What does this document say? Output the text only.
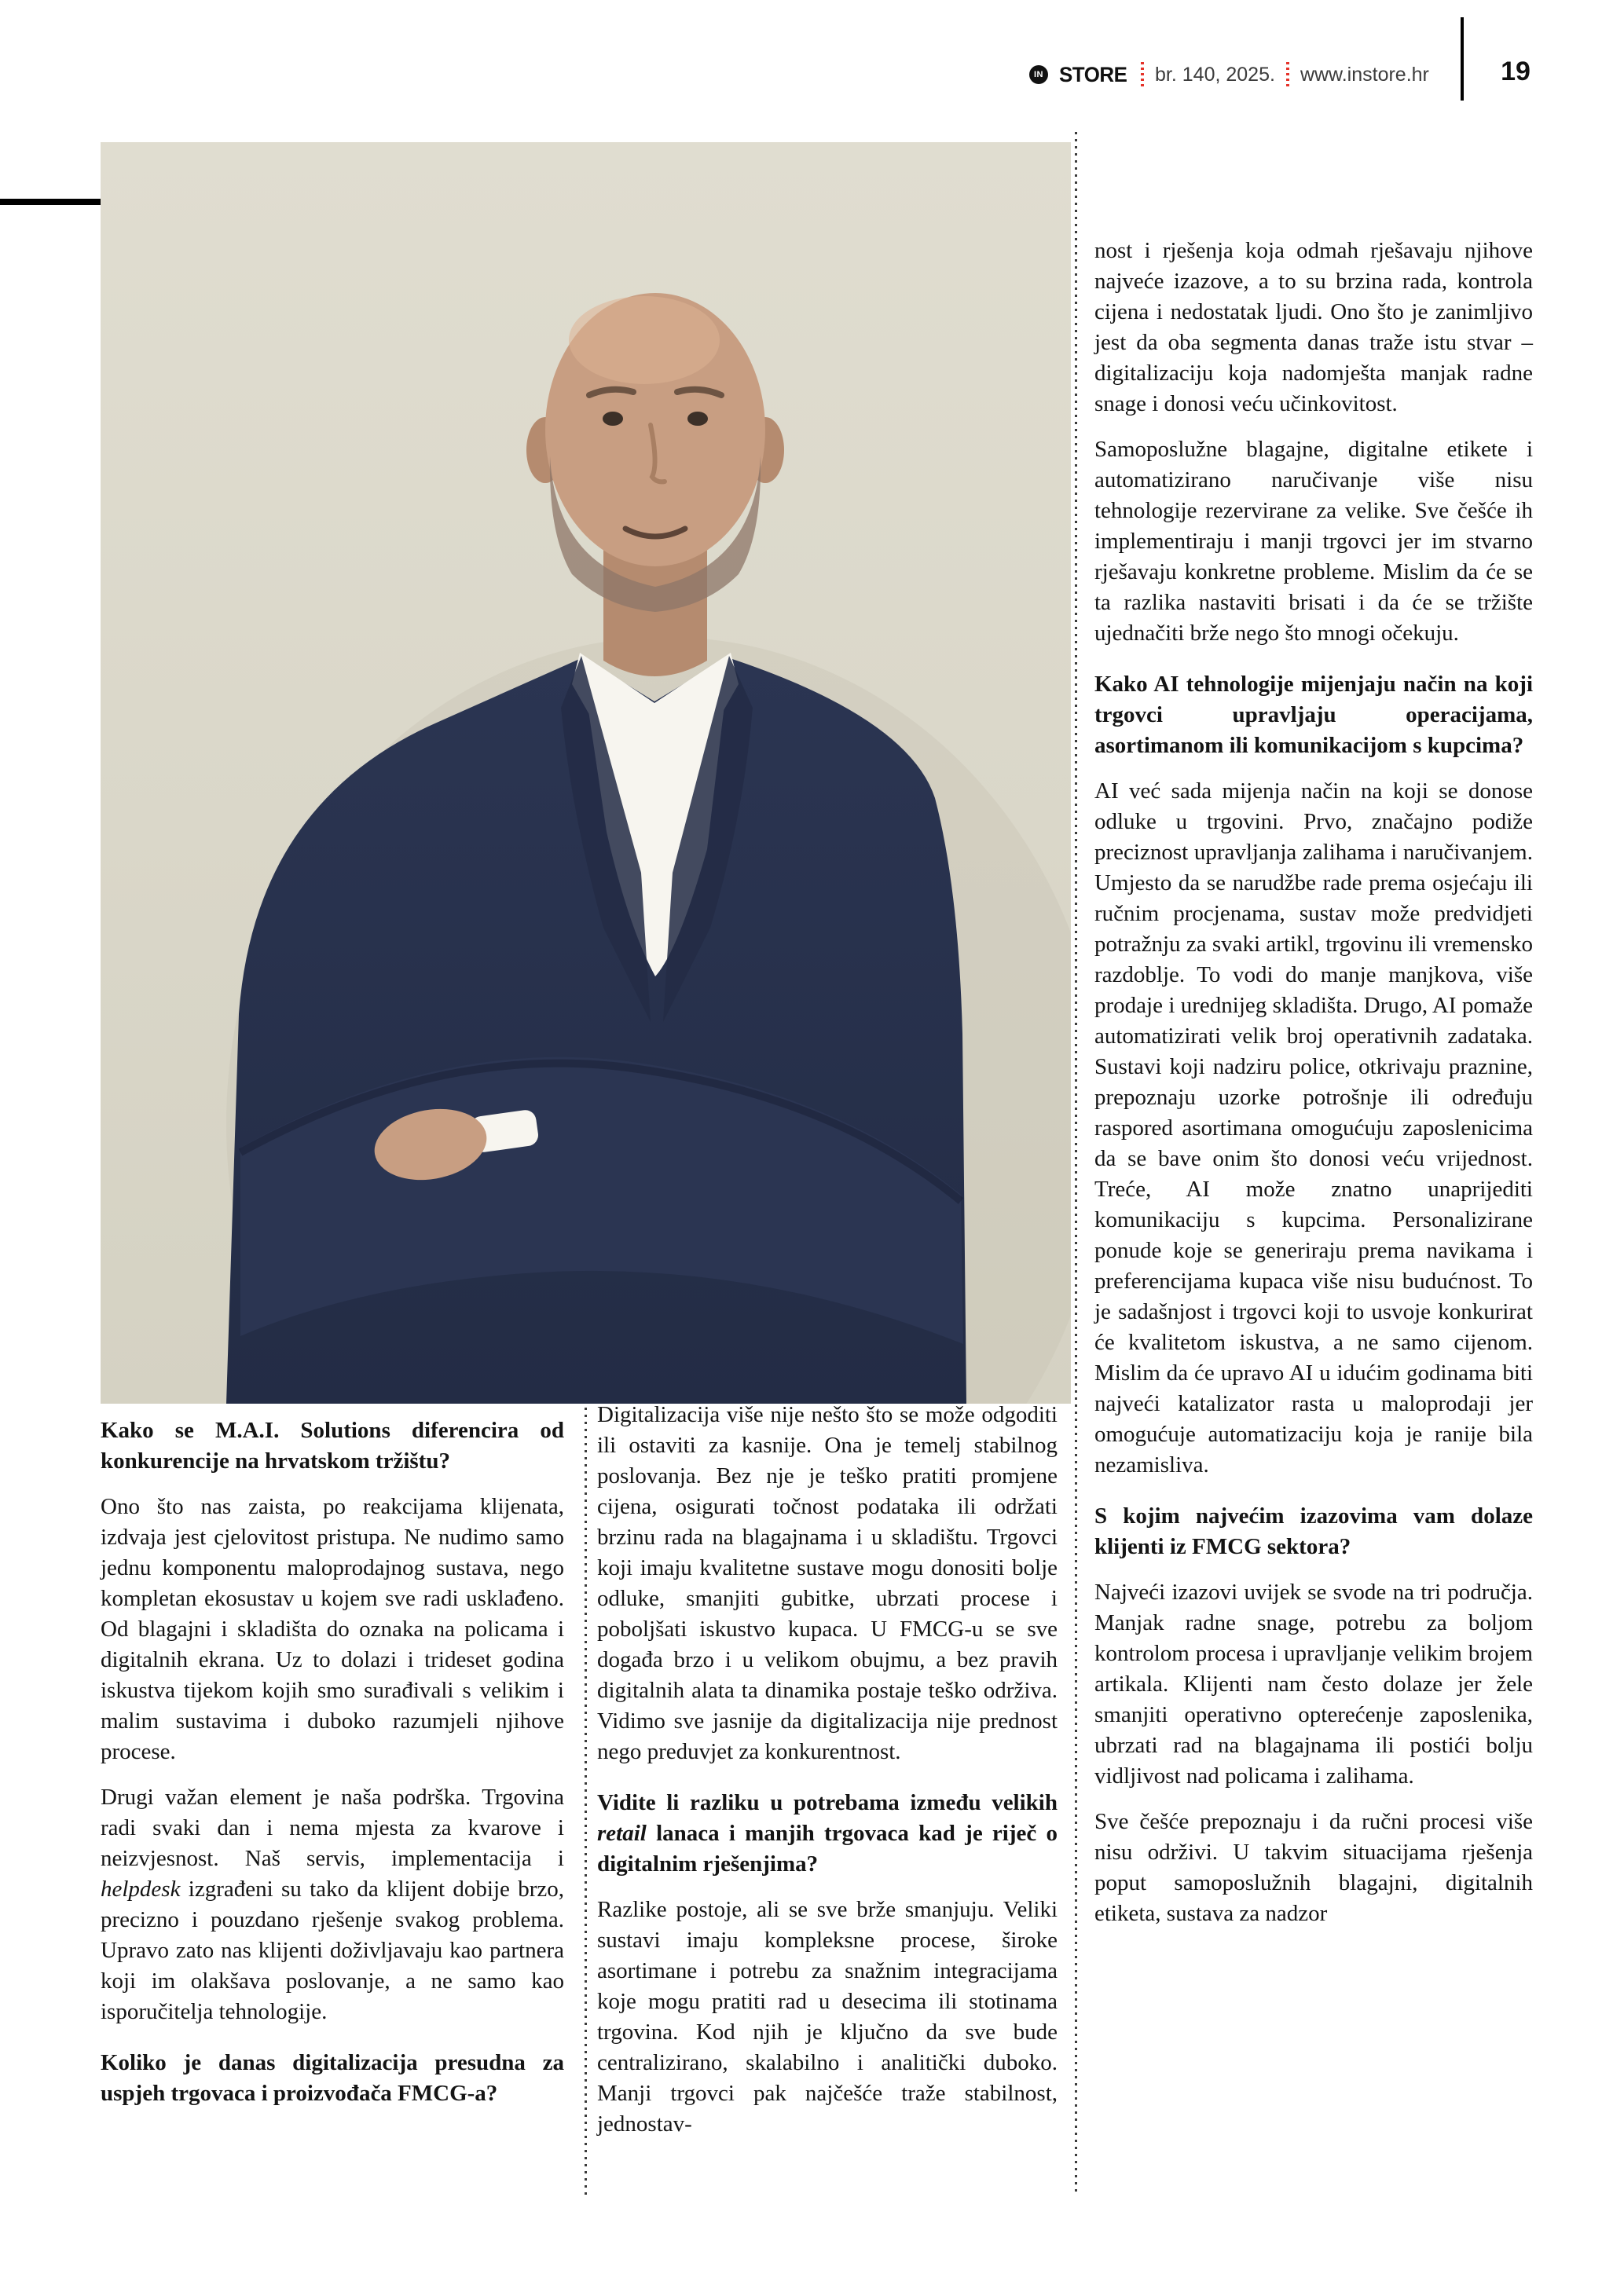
IN STORE br. 140, 2025. www.instore.hr	19

Kako se M.A.I. Solutions diferencira od konkurencije na hrvatskom tržištu?

Ono što nas zaista, po reakcijama klijenata, izdvaja jest cjelovitost pristupa. Ne nudimo samo jednu komponentu maloprodajnog sustava, nego kompletan ekosustav u kojem sve radi usklađeno. Od blagajni i skladišta do oznaka na policama i digitalnih ekrana. Uz to dolazi i trideset godina iskustva tijekom kojih smo surađivali s velikim i malim sustavima i duboko razumjeli njihove procese.

Drugi važan element je naša podrška. Trgovina radi svaki dan i nema mjesta za kvarove i neizvjesnost. Naš servis, implementacija i helpdesk izgrađeni su tako da klijent dobije brzo, precizno i pouzdano rješenje svakog problema. Upravo zato nas klijenti doživljavaju kao partnera koji im olakšava poslovanje, a ne samo kao isporučitelja tehnologije.

Koliko je danas digitalizacija presudna za uspjeh trgovaca i proizvođača FMCG-a?

Digitalizacija više nije nešto što se može odgoditi ili ostaviti za kasnije. Ona je temelj stabilnog poslovanja. Bez nje je teško pratiti promjene cijena, osigurati točnost podataka ili održati brzinu rada na blagajnama i u skladištu. Trgovci koji imaju kvalitetne sustave mogu donositi bolje odluke, smanjiti gubitke, ubrzati procese i poboljšati iskustvo kupaca. U FMCG-u se sve događa brzo i u velikom obujmu, a bez pravih digitalnih alata ta dinamika postaje teško održiva. Vidimo sve jasnije da digitalizacija nije prednost nego preduvjet za konkurentnost.

Vidite li razliku u potrebama između velikih retail lanaca i manjih trgovaca kad je riječ o digitalnim rješenjima?

Razlike postoje, ali se sve brže smanjuju. Veliki sustavi imaju kompleksne procese, široke asortimane i potrebu za snažnim integracijama koje mogu pratiti rad u desecima ili stotinama trgovina. Kod njih je ključno da sve bude centralizirano, skalabilno i analitički duboko. Manji trgovci pak najčešće traže stabilnost, jednostav-

nost i rješenja koja odmah rješavaju njihove najveće izazove, a to su brzina rada, kontrola cijena i nedostatak ljudi. Ono što je zanimljivo jest da oba segmenta danas traže istu stvar – digitalizaciju koja nadomješta manjak radne snage i donosi veću učinkovitost.

Samoposlužne blagajne, digitalne etikete i automatizirano naručivanje više nisu tehnologije rezervirane za velike. Sve češće ih implementiraju i manji trgovci jer im stvarno rješavaju konkretne probleme. Mislim da će se ta razlika nastaviti brisati i da će se tržište ujednačiti brže nego što mnogi očekuju.

Kako AI tehnologije mijenjaju način na koji trgovci upravljaju operacijama, asortimanom ili komunikacijom s kupcima?

AI već sada mijenja način na koji se donose odluke u trgovini. Prvo, značajno podiže preciznost upravljanja zalihama i naručivanjem. Umjesto da se narudžbe rade prema osjećaju ili ručnim procjenama, sustav može predvidjeti potražnju za svaki artikl, trgovinu ili vremensko razdoblje. To vodi do manje manjkova, više prodaje i urednijeg skladišta. Drugo, AI pomaže automatizirati velik broj operativnih zadataka. Sustavi koji nadziru police, otkrivaju praznine, prepoznaju uzorke potrošnje ili određuju raspored asortimana omogućuju zaposlenicima da se bave onim što donosi veću vrijednost. Treće, AI može znatno unaprijediti komunikaciju s kupcima. Personalizirane ponude koje se generiraju prema navikama i preferencijama kupaca više nisu budućnost. To je sadašnjost i trgovci koji to usvoje konkurirat će kvalitetom iskustva, a ne samo cijenom. Mislim da će upravo AI u idućim godinama biti najveći katalizator rasta u maloprodaji jer omogućuje automatizaciju koja je ranije bila nezamisliva.

S kojim najvećim izazovima vam dolaze klijenti iz FMCG sektora?

Najveći izazovi uvijek se svode na tri područja. Manjak radne snage, potrebu za boljom kontrolom procesa i upravljanje velikim brojem artikala. Klijenti nam često dolaze jer žele smanjiti operativno opterećenje zaposlenika, ubrzati rad na blagajnama ili postići bolju vidljivost nad policama i zalihama.

Sve češće prepoznaju i da ručni procesi više nisu održivi. U takvim situacijama rješenja poput samoposlužnih blagajni, digitalnih etiketa, sustava za nadzor
